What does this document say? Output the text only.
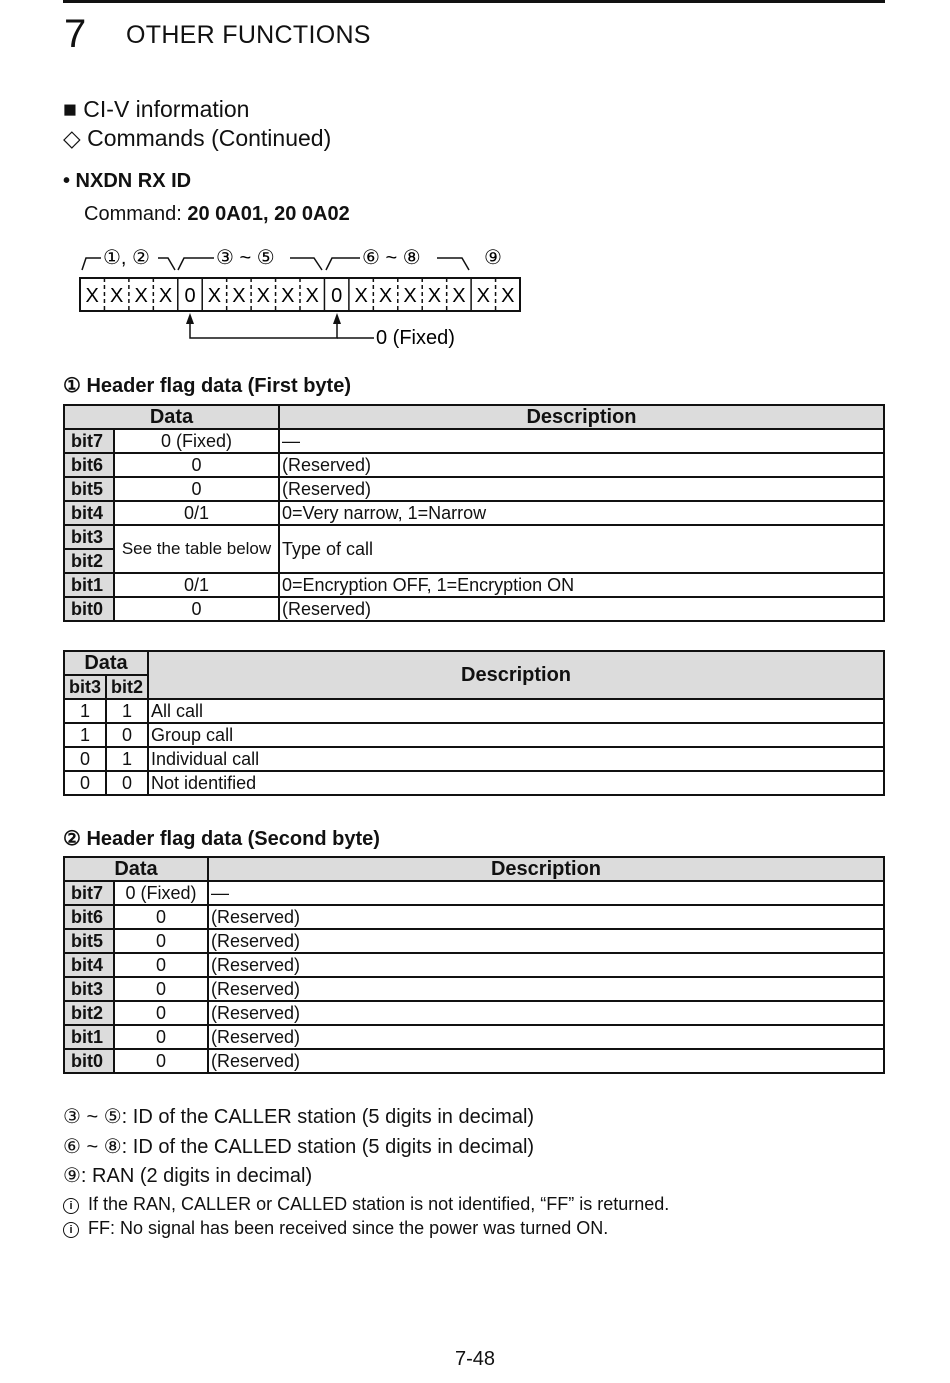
7 OTHER FUNCTIONS
■ CI-V information
◇ Commands (Continued)
• NXDN RX ID
Command: 20 0A01, 20 0A02
①, ②	③ ~ ⑤	⑥ ~ ⑧	⑨
X X X X 0 X X X X X 0 X X X X X X X
0 (Fixed)
① Header flag data (First byte)
Data		Description
bit7	0 (Fixed)	—
bit6	0	(Reserved)
bit5	0	(Reserved)
bit4	0/1	0=Very narrow, 1=Narrow
bit3	See the table below	Type of call
bit2		
bit1	0/1	0=Encryption OFF, 1=Encryption ON
bit0	0	(Reserved)
Data		Description
bit3	bit2	
1	1	All call
1	0	Group call
0	1	Individual call
0	0	Not identified
② Header flag data (Second byte)
Data		Description
bit7	0 (Fixed)	—
bit6	0	(Reserved)
bit5	0	(Reserved)
bit4	0	(Reserved)
bit3	0	(Reserved)
bit2	0	(Reserved)
bit1	0	(Reserved)
bit0	0	(Reserved)
③ ~ ⑤: ID of the CALLER station (5 digits in decimal)
⑥ ~ ⑧: ID of the CALLED station (5 digits in decimal)
⑨: RAN (2 digits in decimal)
i If the RAN, CALLER or CALLED station is not identified, “FF” is returned.
i FF: No signal has been received since the power was turned ON.
7-48
